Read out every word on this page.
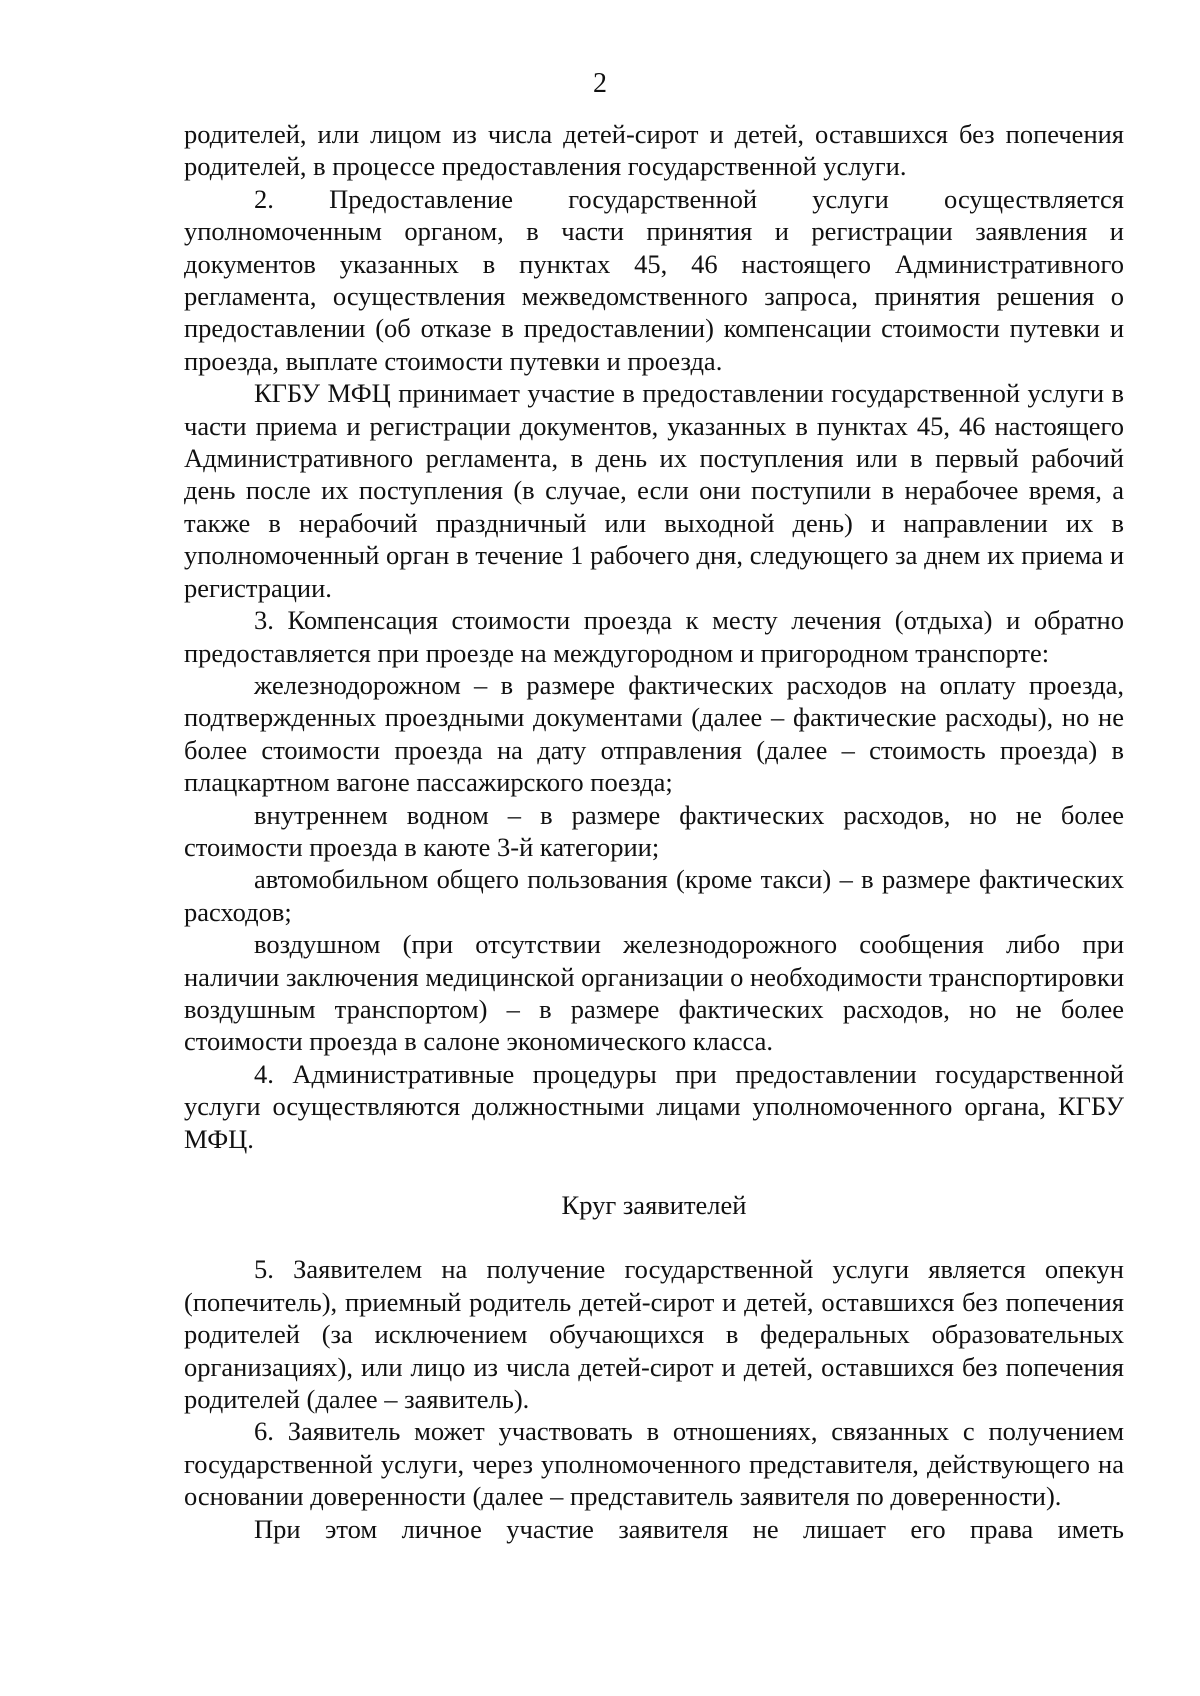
2

родителей, или лицом из числа детей-сирот и детей, оставшихся без попечения родителей, в процессе предоставления государственной услуги.

2. Предоставление государственной услуги осуществляется уполномоченным органом, в части принятия и регистрации заявления и документов указанных в пунктах 45, 46 настоящего Административного регламента, осуществления межведомственного запроса, принятия решения о предоставлении (об отказе в предоставлении) компенсации стоимости путевки и проезда, выплате стоимости путевки и проезда.

КГБУ МФЦ принимает участие в предоставлении государственной услуги в части приема и регистрации документов, указанных в пунктах 45, 46 настоящего Административного регламента, в день их поступления или в первый рабочий день после их поступления (в случае, если они поступили в нерабочее время, а также в нерабочий праздничный или выходной день) и направлении их в уполномоченный орган в течение 1 рабочего дня, следующего за днем их приема и регистрации.

3. Компенсация стоимости проезда к месту лечения (отдыха) и обратно предоставляется при проезде на междугородном и пригородном транспорте:

железнодорожном – в размере фактических расходов на оплату проезда, подтвержденных проездными документами (далее – фактические расходы), но не более стоимости проезда на дату отправления (далее – стоимость проезда) в плацкартном вагоне пассажирского поезда;

внутреннем водном – в размере фактических расходов, но не более стоимости проезда в каюте 3-й категории;

автомобильном общего пользования (кроме такси) – в размере фактических расходов;

воздушном (при отсутствии железнодорожного сообщения либо при наличии заключения медицинской организации о необходимости транспортировки воздушным транспортом) – в размере фактических расходов, но не более стоимости проезда в салоне экономического класса.

4. Административные процедуры при предоставлении государственной услуги осуществляются должностными лицами уполномоченного органа, КГБУ МФЦ.

Круг заявителей

5. Заявителем на получение государственной услуги является опекун (попечитель), приемный родитель детей-сирот и детей, оставшихся без попечения родителей (за исключением обучающихся в федеральных образовательных организациях), или лицо из числа детей-сирот и детей, оставшихся без попечения родителей (далее – заявитель).

6. Заявитель может участвовать в отношениях, связанных с получением государственной услуги, через уполномоченного представителя, действующего на основании доверенности (далее – представитель заявителя по доверенности).

При этом личное участие заявителя не лишает его права иметь
